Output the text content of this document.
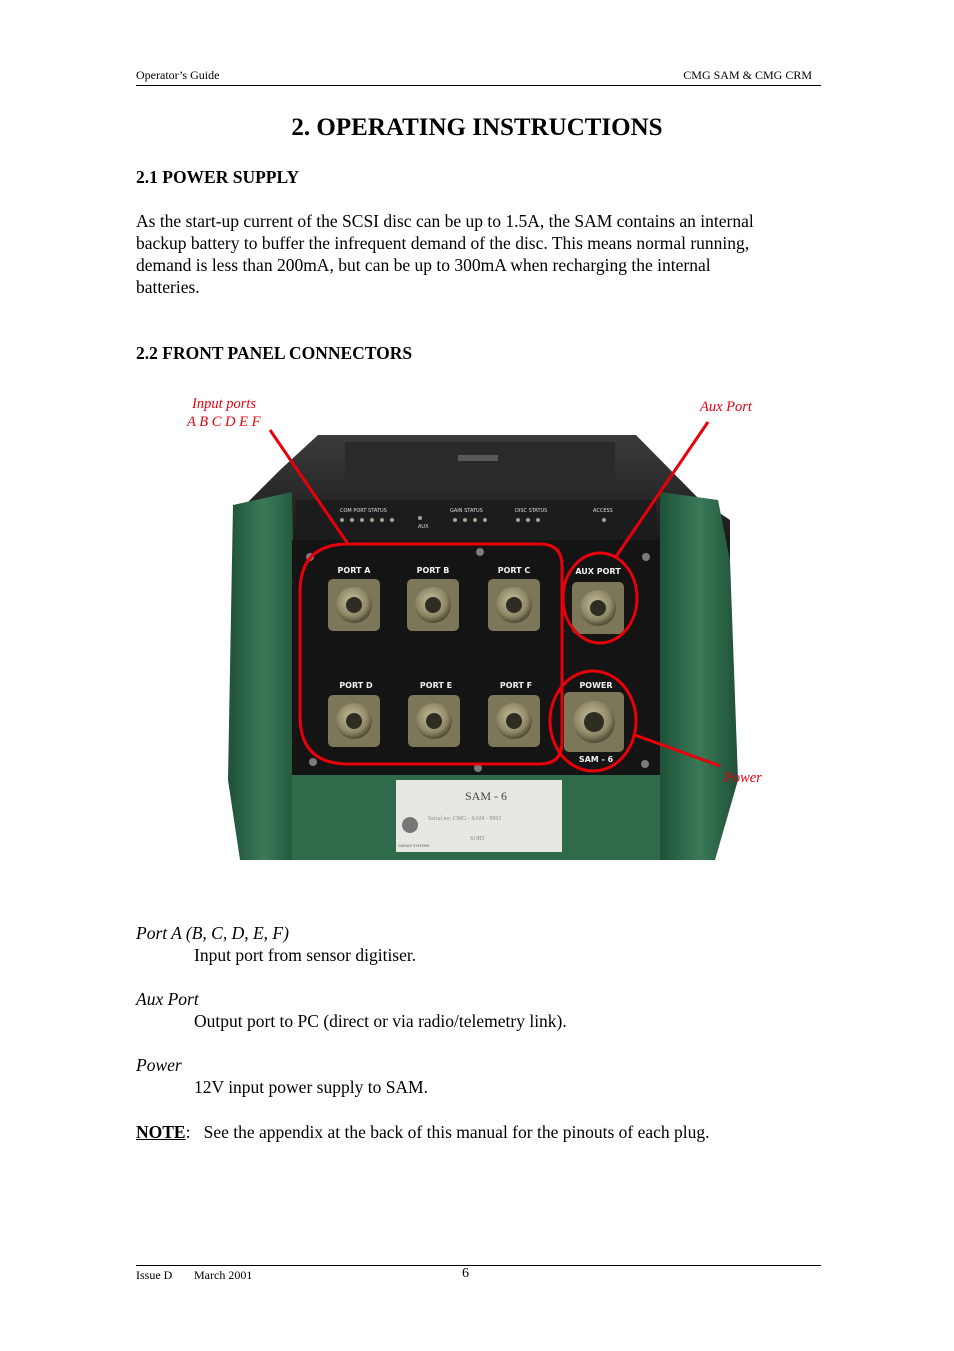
Operator’s Guide	CMG SAM & CMG CRM
2. OPERATING INSTRUCTIONS
2.1 POWER SUPPLY
As the start-up current of the SCSI disc can be up to 1.5A, the SAM contains an internal
backup battery to buffer the infrequent demand of the disc. This means normal running,
demand is less than 200mA, but can be up to 300mA when recharging the internal
batteries.
2.2 FRONT PANEL CONNECTORS
COM PORT STATUS	GAIN STATUS	DISC STATUS	ACCESS
AUX
PORT A	PORT B	PORT C	AUX PORT
PORT D	PORT E	PORT F	POWER
SAM - 6
SAM - 6
Serial no: CMG - SAM - 9992
SORT
GURALP SYSTEMS
Input ports
A B C D E F
Aux Port
Power
Port A (B, C, D, E, F)
Input port from sensor digitiser.
Aux Port
Output port to PC (direct or via radio/telemetry link).
Power
12V input power supply to SAM.
NOTE:   See the appendix at the back of this manual for the pinouts of each plug.
Issue D March 2001	6
